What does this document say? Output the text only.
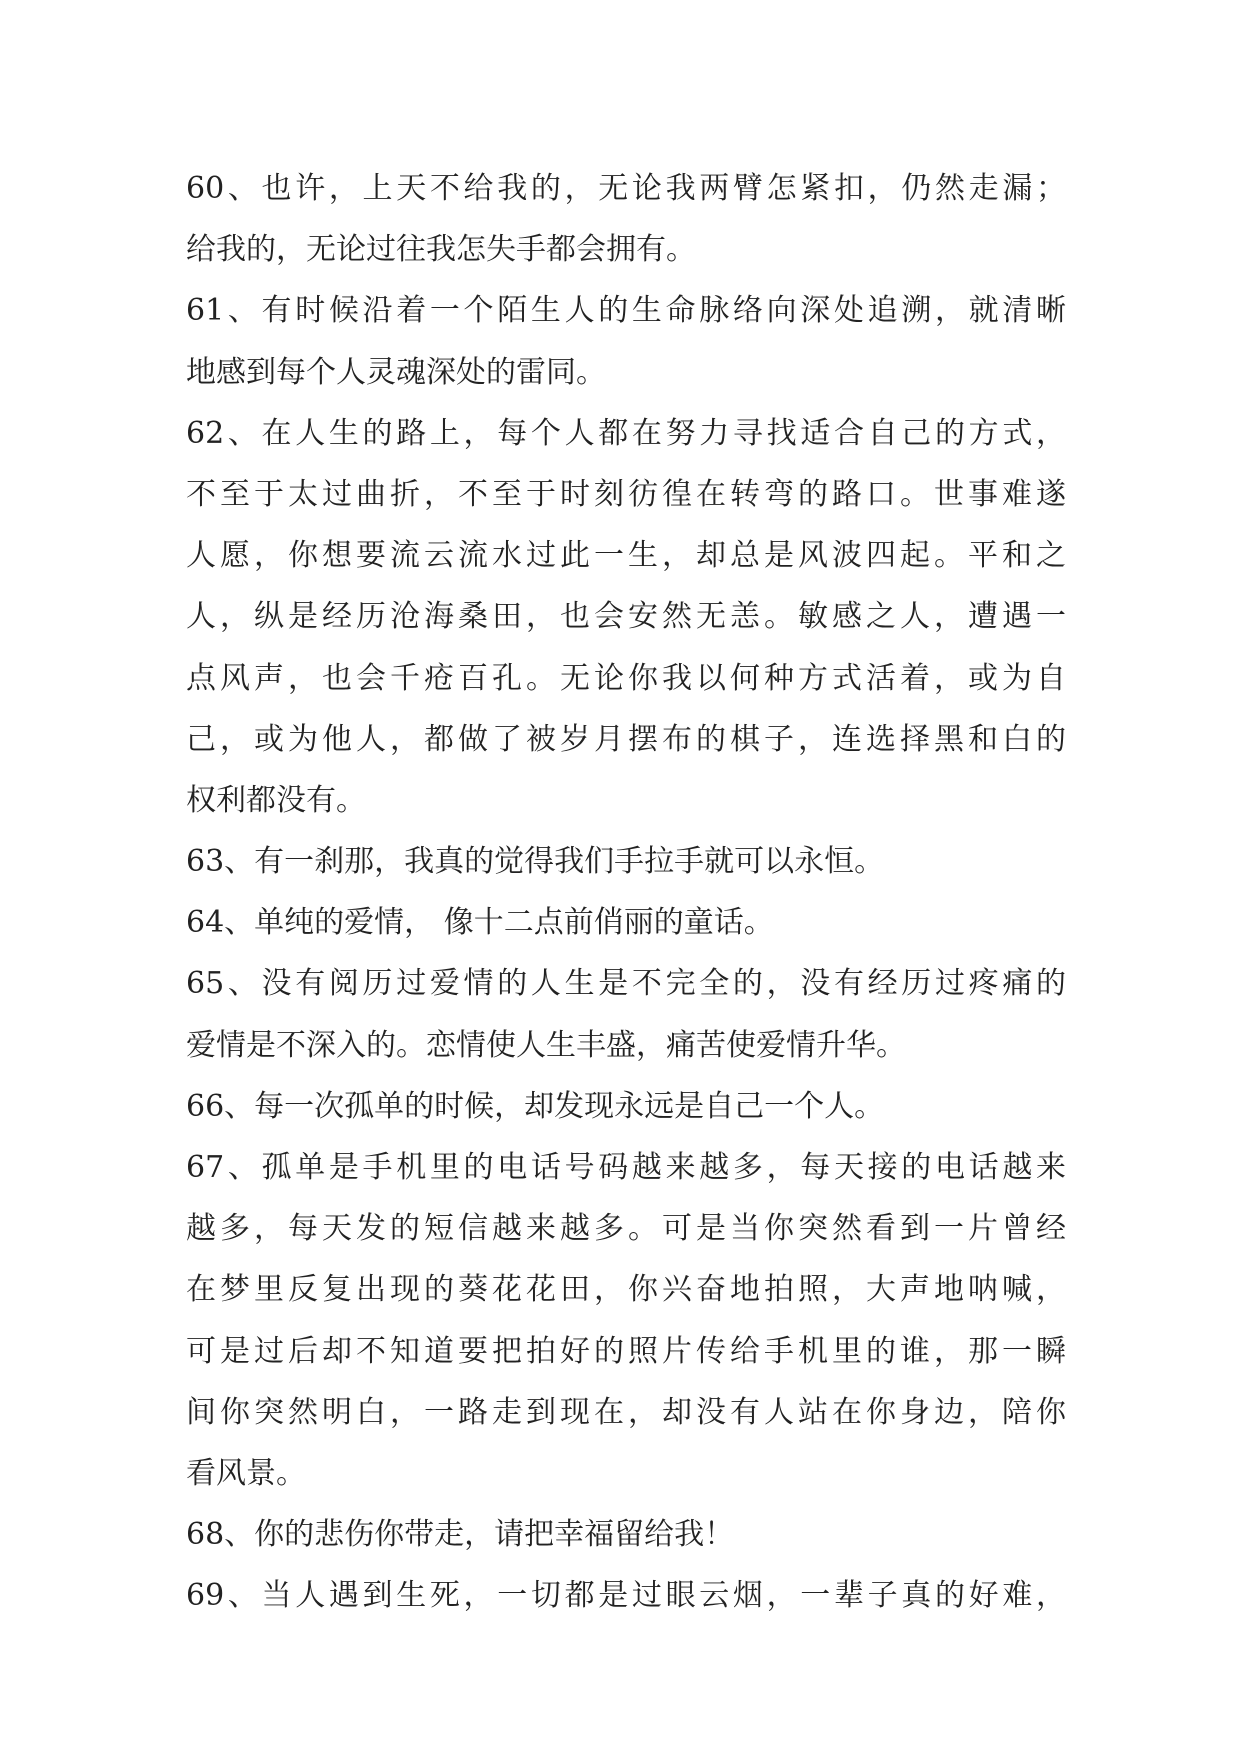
60、也许，上天不给我的，无论我两臂怎紧扣，仍然走漏；
给我的，无论过往我怎失手都会拥有。
61、有时候沿着一个陌生人的生命脉络向深处追溯，就清晰
地感到每个人灵魂深处的雷同。
62、在人生的路上，每个人都在努力寻找适合自己的方式，
不至于太过曲折，不至于时刻彷徨在转弯的路口。世事难遂
人愿，你想要流云流水过此一生，却总是风波四起。平和之
人，纵是经历沧海桑田，也会安然无恙。敏感之人，遭遇一
点风声，也会千疮百孔。无论你我以何种方式活着，或为自
己，或为他人，都做了被岁月摆布的棋子，连选择黑和白的
权利都没有。
63、有一刹那，我真的觉得我们手拉手就可以永恒。
64、单纯的爱情， 像十二点前俏丽的童话。
65、没有阅历过爱情的人生是不完全的，没有经历过疼痛的
爱情是不深入的。恋情使人生丰盛，痛苦使爱情升华。
66、每一次孤单的时候，却发现永远是自己一个人。
67、孤单是手机里的电话号码越来越多，每天接的电话越来
越多，每天发的短信越来越多。可是当你突然看到一片曾经
在梦里反复出现的葵花花田，你兴奋地拍照，大声地呐喊，
可是过后却不知道要把拍好的照片传给手机里的谁，那一瞬
间你突然明白，一路走到现在，却没有人站在你身边，陪你
看风景。
68、你的悲伤你带走，请把幸福留给我！
69、当人遇到生死，一切都是过眼云烟，一辈子真的好难，
